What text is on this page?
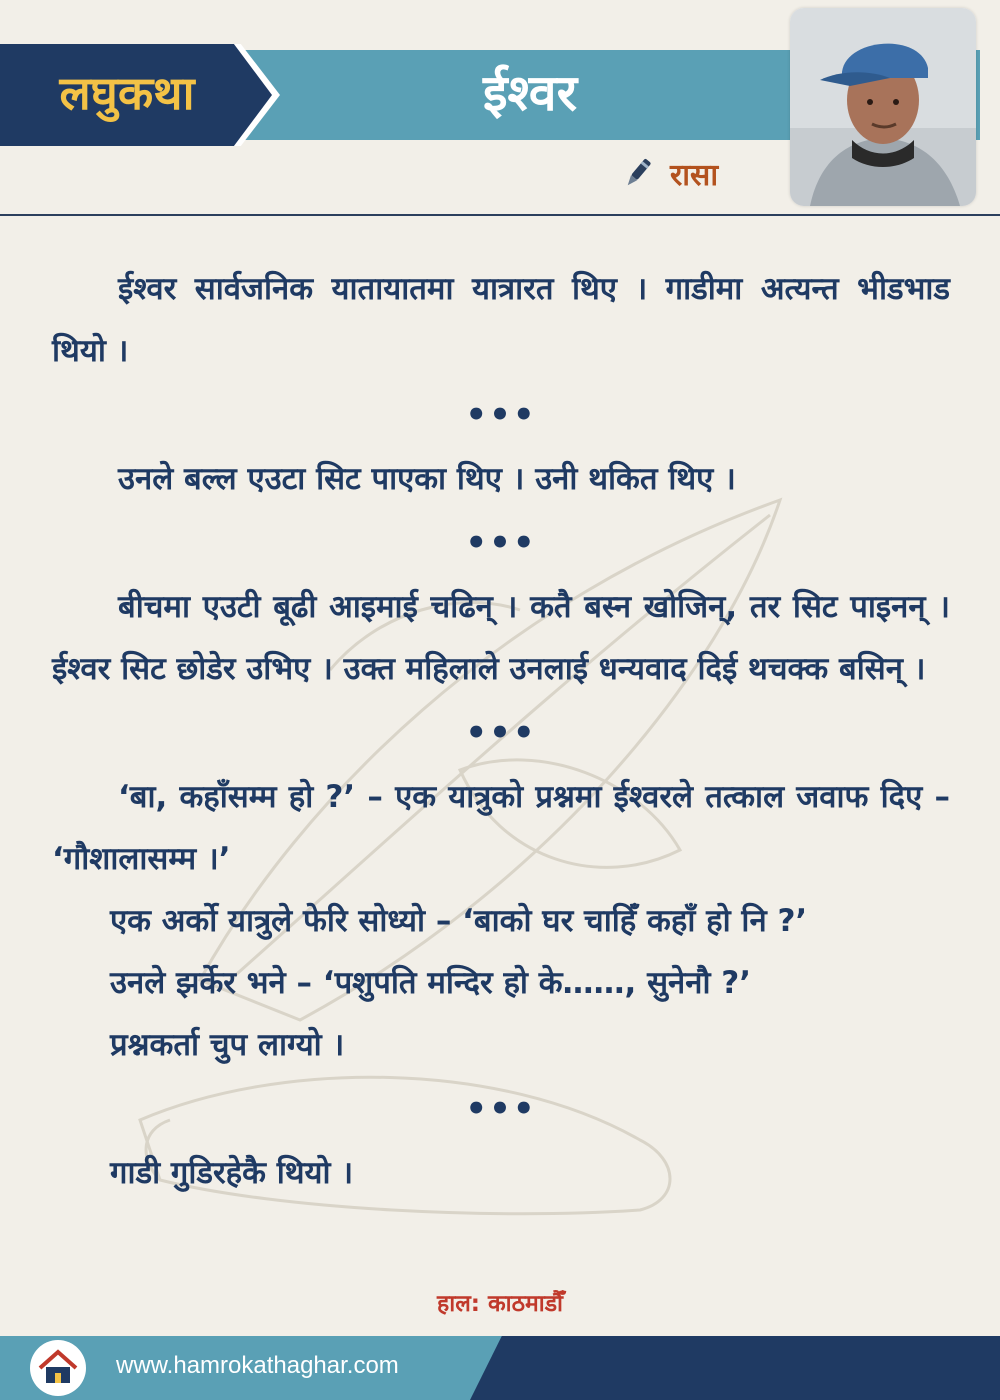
लघुकथा	ईश्वर
रासा

ईश्वर सार्वजनिक यातायातमा यात्रारत थिए । गाडीमा अत्यन्त भीडभाड थियो ।

•••

उनले बल्ल एउटा सिट पाएका थिए । उनी थकित थिए ।

•••

बीचमा एउटी बूढी आइमाई चढिन् । कतै बस्न खोजिन्, तर सिट पाइनन् । ईश्वर सिट छोडेर उभिए । उक्त महिलाले उनलाई धन्यवाद दिई थचक्क बसिन् ।

•••

‘बा, कहाँसम्म हो ?’ – एक यात्रुको प्रश्नमा ईश्वरले तत्काल जवाफ दिए – ‘गौशालासम्म ।’

एक अर्को यात्रुले फेरि सोध्यो – ‘बाको घर चाहिँ कहाँ हो नि ?’

उनले झर्केर भने – ‘पशुपति मन्दिर हो के……, सुनेनौ ?’

प्रश्नकर्ता चुप लाग्यो ।

•••

गाडी गुडिरहेकै थियो ।

हाल: काठमाडौँ
www.hamrokathaghar.com
